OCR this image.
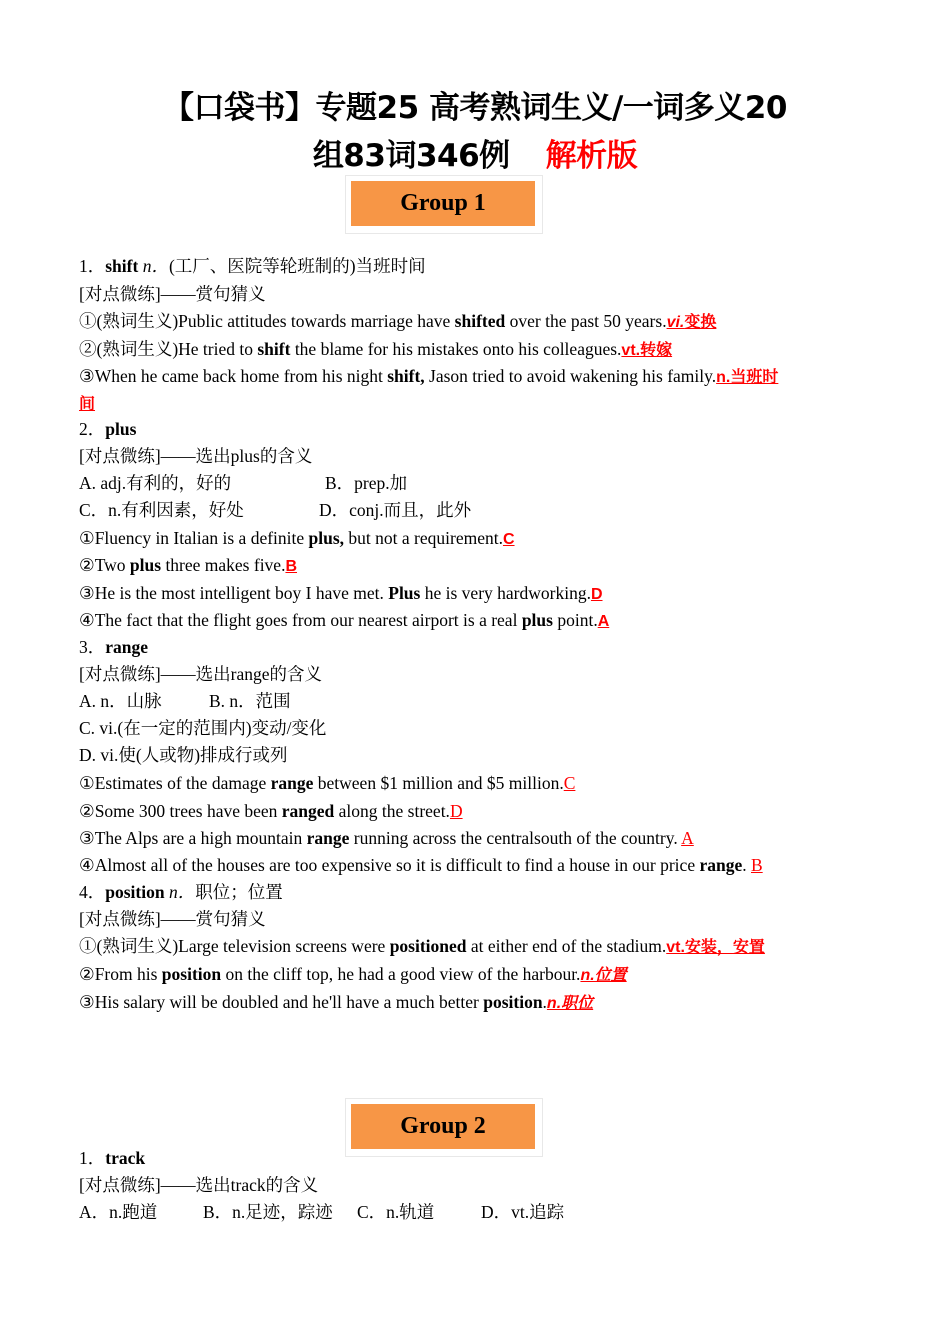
【口袋书】专题25 高考熟词生义/一词多义20
组83词346例 解析版
Group 1
1．shift n．(工厂、医院等轮班制的)当班时间
[对点微练]——赏句猜义
①(熟词生义)Public attitudes towards marriage have shifted over the past 50 years.vi.变换
②(熟词生义)He tried to shift the blame for his mistakes onto his colleagues.vt.转嫁
③When he came back home from his night shift, Jason tried to avoid wakening his family.n.当班时
间
2．plus
[对点微练]——选出plus的含义
A. adj.有利的，好的	B．prep.加
C．n.有利因素，好处	D．conj.而且，此外
①Fluency in Italian is a definite plus, but not a requirement.C
②Two plus three makes five.B
③He is the most intelligent boy I have met. Plus he is very hardworking.D
④The fact that the flight goes from our nearest airport is a real plus point.A
3．range
[对点微练]——选出range的含义
A. n．山脉	B. n．范围
C. vi.(在一定的范围内)变动/变化
D. vi.使(人或物)排成行或列
①Estimates of the damage range between $1 million and $5 million.C
②Some 300 trees have been ranged along the street.D
③The Alps are a high mountain range running across the centralsouth of the country. A
④Almost all of the houses are too expensive so it is difficult to find a house in our price range. B
4．position n．职位；位置
[对点微练]——赏句猜义
①(熟词生义)Large television screens were positioned at either end of the stadium.vt.安装，安置
②From his position on the cliff top, he had a good view of the harbour.n.位置
③His salary will be doubled and he'll have a much better position.n.职位
Group 2
1．track
[对点微练]——选出track的含义
A．n.跑道	B．n.足迹，踪迹 C．n.轨道	D．vt.追踪
